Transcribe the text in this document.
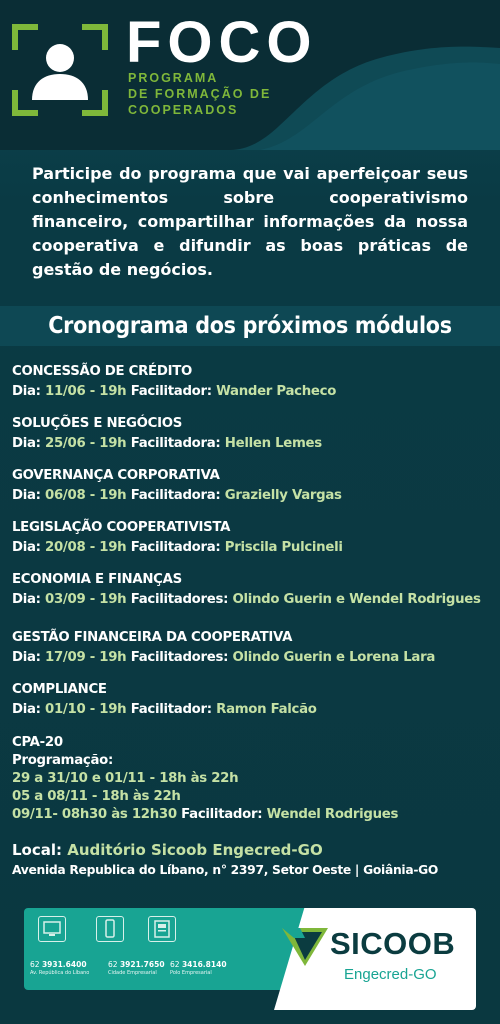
FOCO
PROGRAMA
DE FORMAÇÃO DE
COOPERADOS

Participe do programa que vai aperfeiçoar seus conhecimentos sobre cooperativismo financeiro, compartilhar informações da nossa cooperativa e difundir as boas práticas de gestão de negócios.

Cronograma dos próximos módulos
CONCESSÃO DE CRÉDITO
Dia: 11/06 - 19h Facilitador: Wander Pacheco
SOLUÇÕES E NEGÓCIOS
Dia: 25/06 - 19h Facilitadora: Hellen Lemes
GOVERNANÇA CORPORATIVA
Dia: 06/08 - 19h Facilitadora: Grazielly Vargas
LEGISLAÇÃO COOPERATIVISTA
Dia: 20/08 - 19h Facilitadora: Priscila Pulcineli
ECONOMIA E FINANÇAS
Dia: 03/09 - 19h Facilitadores: Olindo Guerin e Wendel Rodrigues
GESTÃO FINANCEIRA DA COOPERATIVA
Dia: 17/09 - 19h Facilitadores: Olindo Guerin e Lorena Lara
COMPLIANCE
Dia: 01/10 - 19h Facilitador: Ramon Falcão
CPA-20
Programação:
29 a 31/10 e 01/11 - 18h às 22h
05 a 08/11 - 18h às 22h
09/11- 08h30 às 12h30 Facilitador: Wendel Rodrigues
Local: Auditório Sicoob Engecred-GO
Avenida Republica do Líbano, n° 2397, Setor Oeste | Goiânia-GO
62 3931.6400
Av. República do Líbano
62 3921.7650
Cidade Empresarial
62 3416.8140
Polo Empresarial
SICOOB
Engecred-GO
